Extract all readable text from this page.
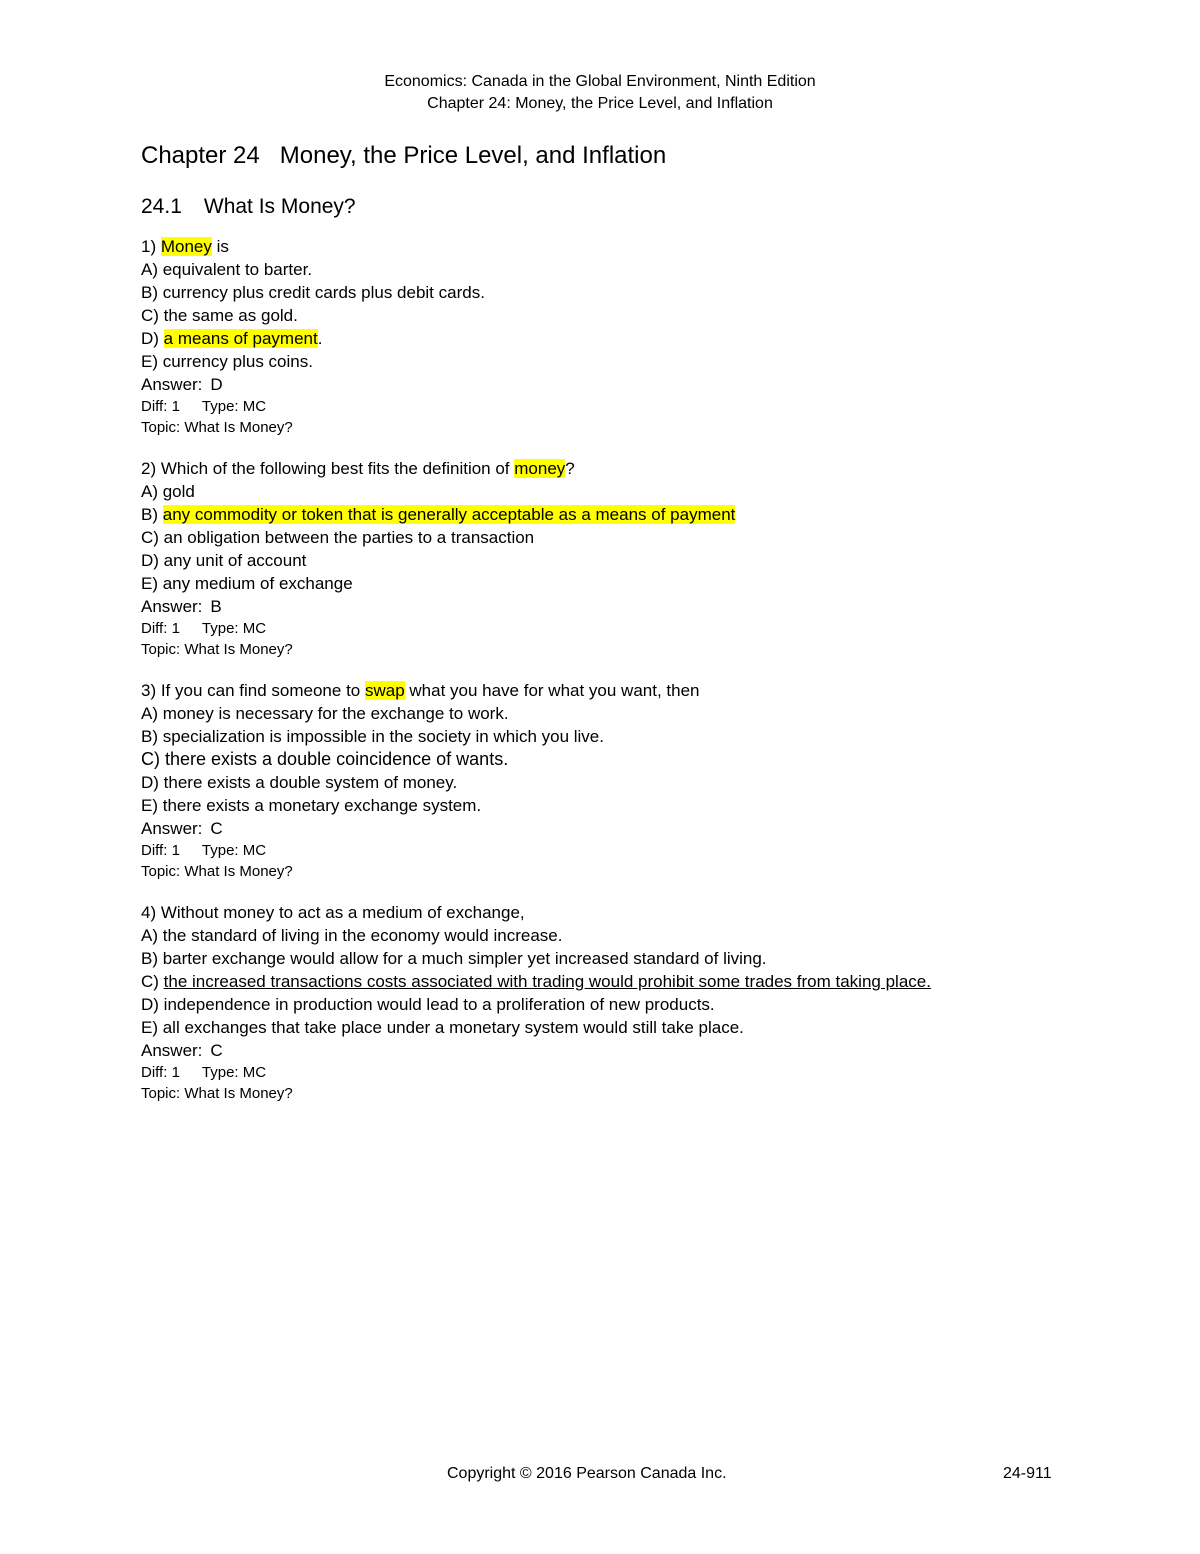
Economics: Canada in the Global Environment, Ninth Edition
Chapter 24: Money, the Price Level, and Inflation
Chapter 24 Money, the Price Level, and Inflation
24.1 What Is Money?
1) Money is
A) equivalent to barter.
B) currency plus credit cards plus debit cards.
C) the same as gold.
D) a means of payment.
E) currency plus coins.
Answer: D
Diff: 1 Type: MC
Topic: What Is Money?
2) Which of the following best fits the definition of money?
A) gold
B) any commodity or token that is generally acceptable as a means of payment
C) an obligation between the parties to a transaction
D) any unit of account
E) any medium of exchange
Answer: B
Diff: 1 Type: MC
Topic: What Is Money?
3) If you can find someone to swap what you have for what you want, then
A) money is necessary for the exchange to work.
B) specialization is impossible in the society in which you live.
C) there exists a double coincidence of wants.
D) there exists a double system of money.
E) there exists a monetary exchange system.
Answer: C
Diff: 1 Type: MC
Topic: What Is Money?
4) Without money to act as a medium of exchange,
A) the standard of living in the economy would increase.
B) barter exchange would allow for a much simpler yet increased standard of living.
C) the increased transactions costs associated with trading would prohibit some trades from taking place.
D) independence in production would lead to a proliferation of new products.
E) all exchanges that take place under a monetary system would still take place.
Answer: C
Diff: 1 Type: MC
Topic: What Is Money?
Copyright © 2016 Pearson Canada Inc.	24-911
